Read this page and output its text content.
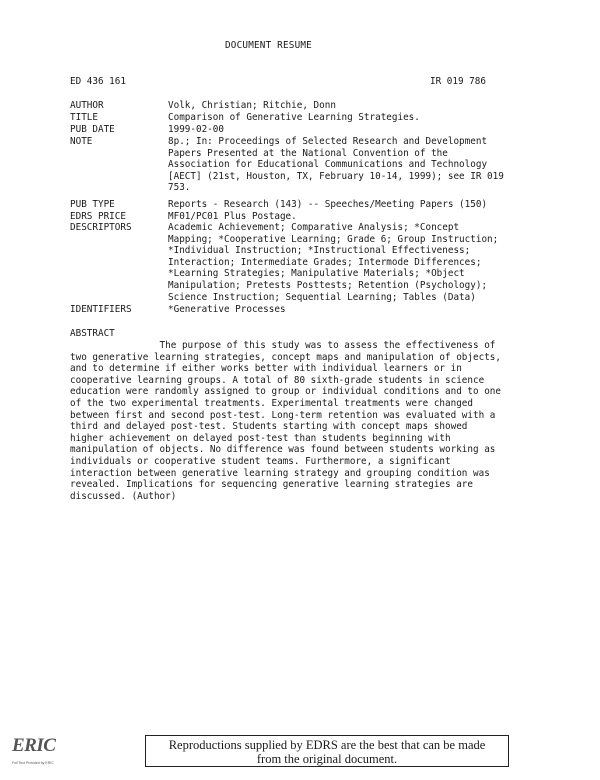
DOCUMENT RESUME
ED 436 161	IR 019 786
AUTHOR	Volk, Christian; Ritchie, Donn
TITLE	Comparison of Generative Learning Strategies.
PUB DATE	1999-02-00
NOTE	8p.; In: Proceedings of Selected Research and Development
Papers Presented at the National Convention of the
Association for Educational Communications and Technology
[AECT] (21st, Houston, TX, February 10-14, 1999); see IR 019
753.
PUB TYPE	Reports - Research (143) -- Speeches/Meeting Papers (150)
EDRS PRICE	MF01/PC01 Plus Postage.
DESCRIPTORS	Academic Achievement; Comparative Analysis; *Concept
Mapping; *Cooperative Learning; Grade 6; Group Instruction;
*Individual Instruction; *Instructional Effectiveness;
Interaction; Intermediate Grades; Intermode Differences;
*Learning Strategies; Manipulative Materials; *Object
Manipulation; Pretests Posttests; Retention (Psychology);
Science Instruction; Sequential Learning; Tables (Data)
IDENTIFIERS	*Generative Processes
ABSTRACT
The purpose of this study was to assess the effectiveness of
two generative learning strategies, concept maps and manipulation of objects,
and to determine if either works better with individual learners or in
cooperative learning groups. A total of 80 sixth-grade students in science
education were randomly assigned to group or individual conditions and to one
of the two experimental treatments. Experimental treatments were changed
between first and second post-test. Long-term retention was evaluated with a
third and delayed post-test. Students starting with concept maps showed
higher achievement on delayed post-test than students beginning with
manipulation of objects. No difference was found between students working as
individuals or cooperative student teams. Furthermore, a significant
interaction between generative learning strategy and grouping condition was
revealed. Implications for sequencing generative learning strategies are
discussed. (Author)
ERIC
Full Text Provided by ERIC
Reproductions supplied by EDRS are the best that can be made
from the original document.
